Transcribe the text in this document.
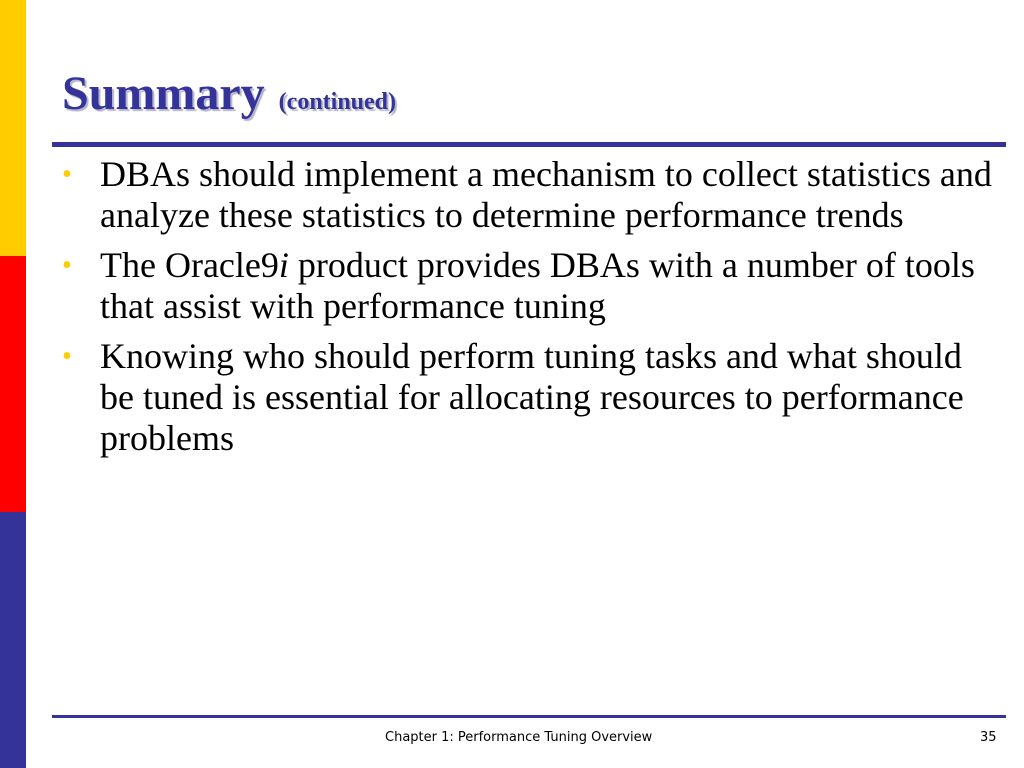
Summary (continued)
• DBAs should implement a mechanism to collect statistics and analyze these statistics to determine performance trends
• The Oracle9i product provides DBAs with a number of tools that assist with performance tuning
• Knowing who should perform tuning tasks and what should be tuned is essential for allocating resources to performance problems
Chapter 1: Performance Tuning Overview	35
